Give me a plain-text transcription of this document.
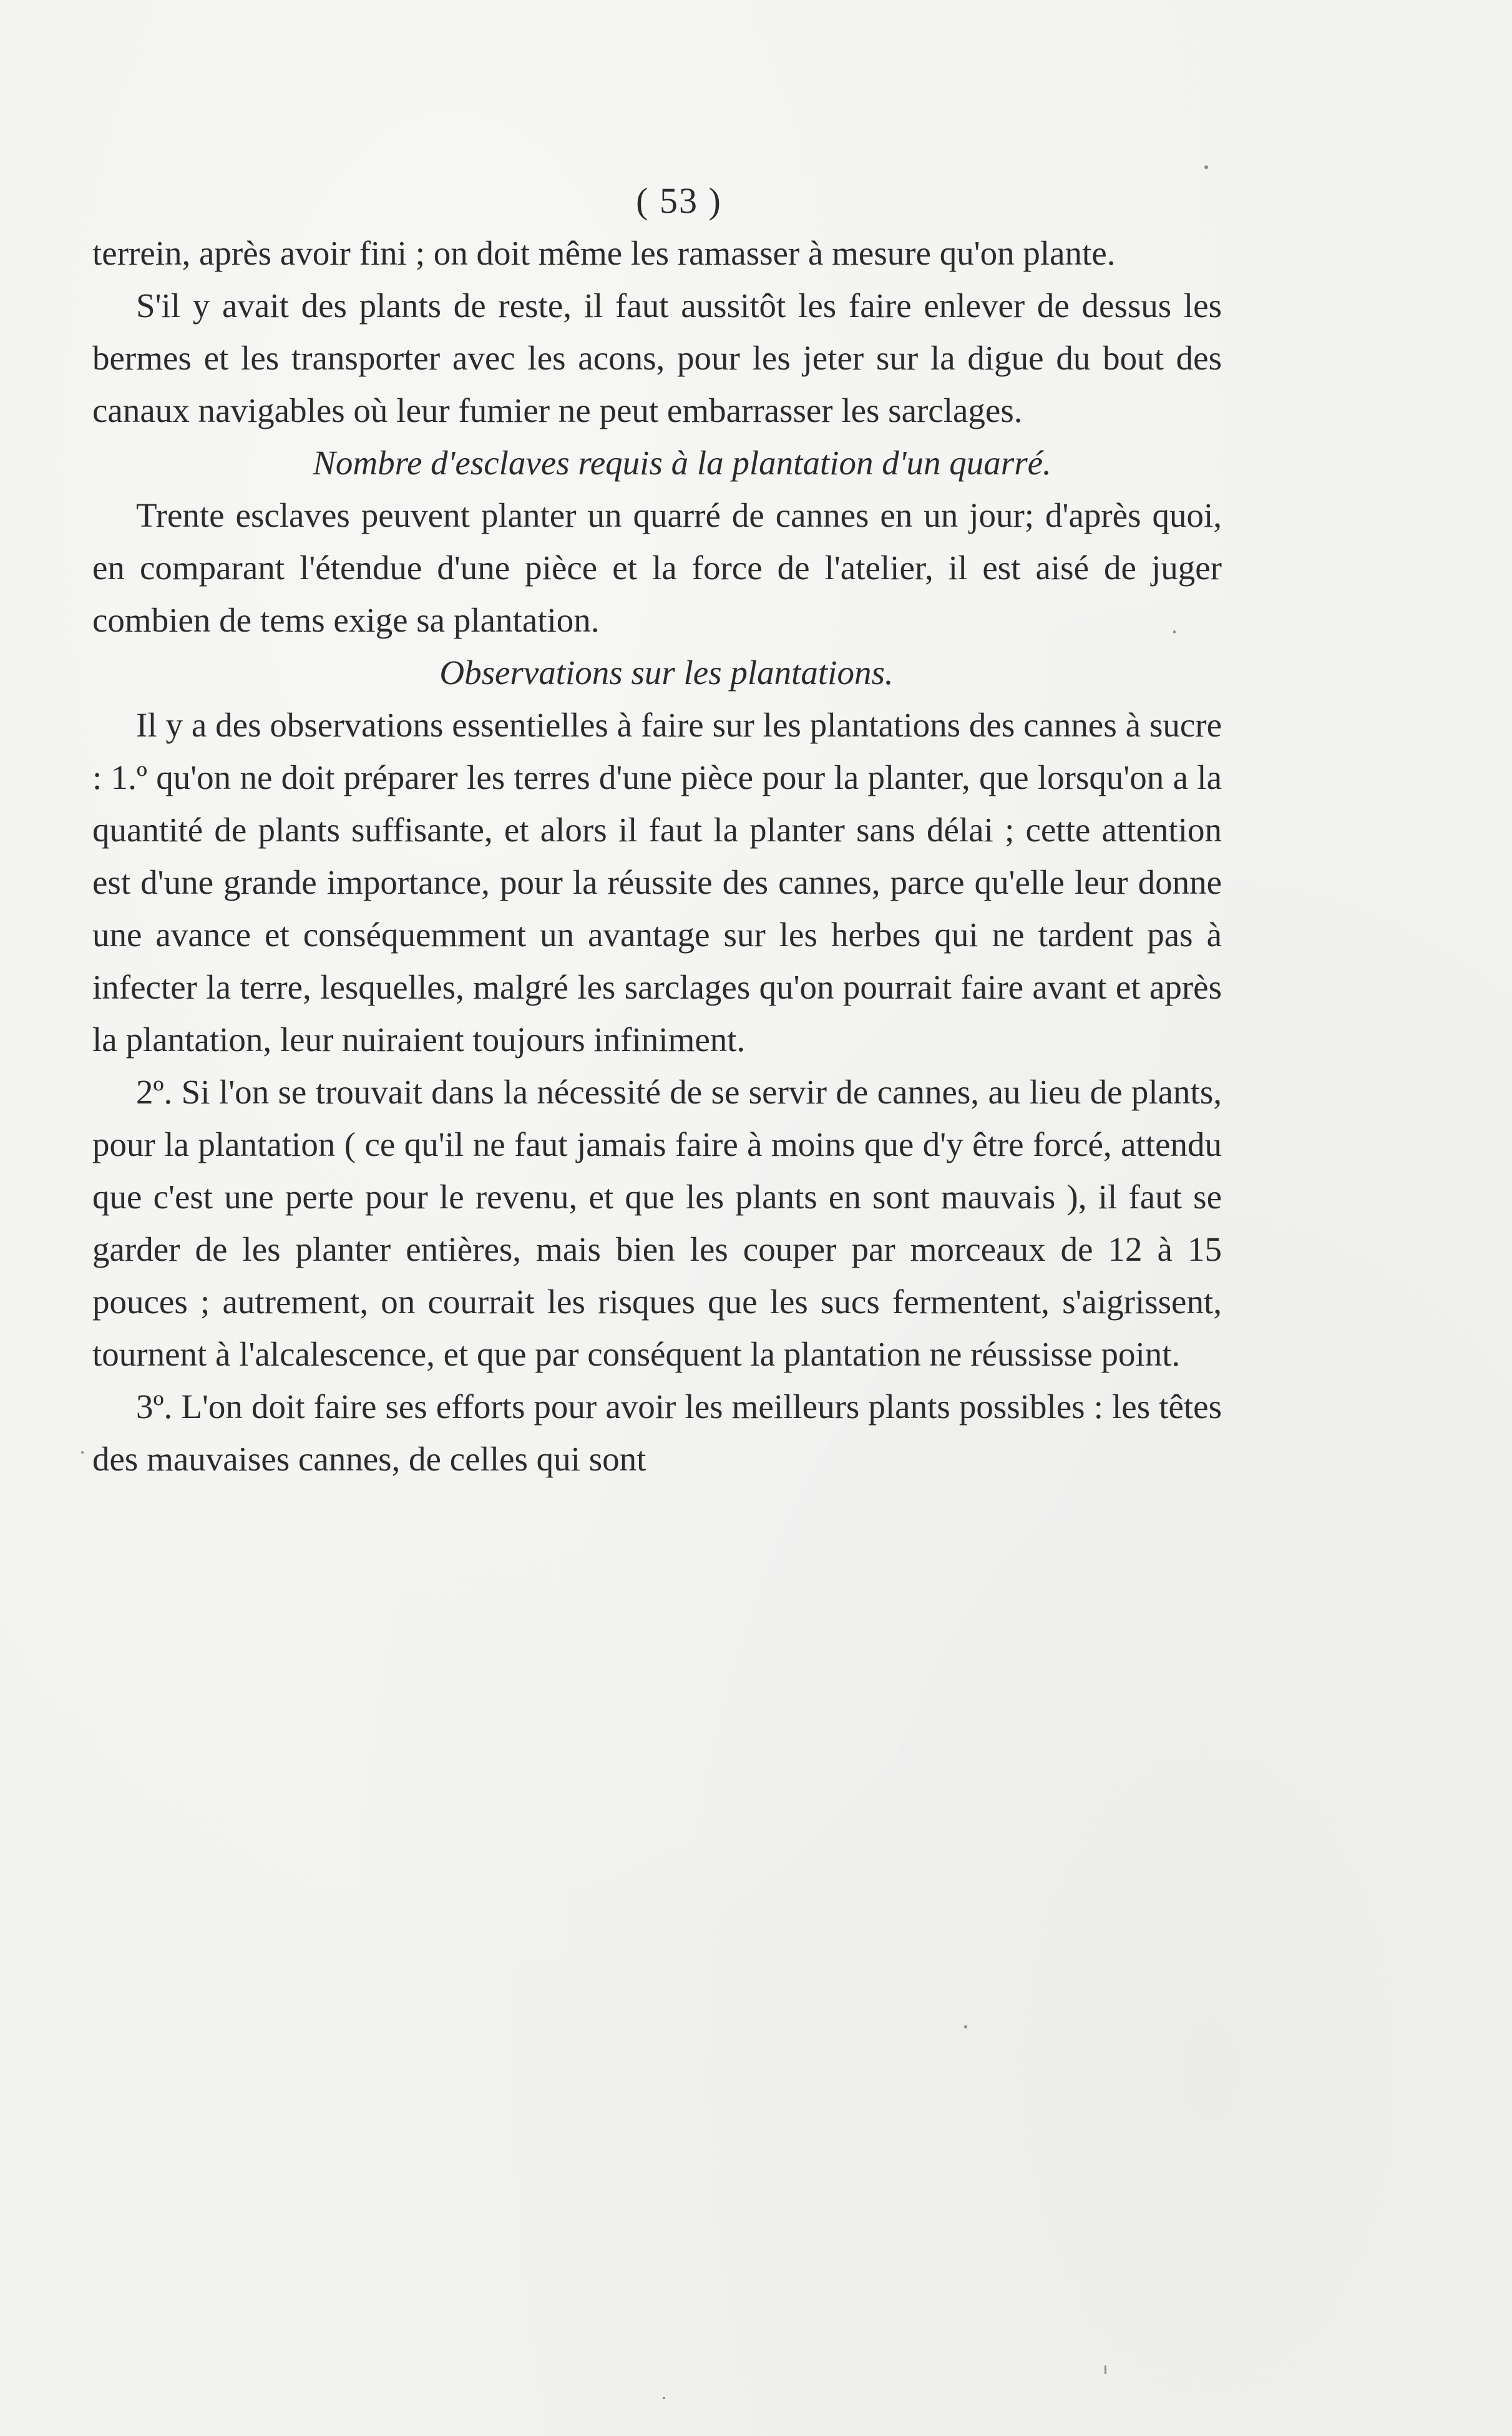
( 53 )

terrein, après avoir fini ; on doit même les ramasser à mesure qu'on plante.

S'il y avait des plants de reste, il faut aussitôt les faire enlever de dessus les bermes et les transporter avec les acons, pour les jeter sur la digue du bout des canaux navigables où leur fumier ne peut embarrasser les sarclages.

Nombre d'esclaves requis à la plantation d'un quarré.

Trente esclaves peuvent planter un quarré de cannes en un jour; d'après quoi, en comparant l'étendue d'une pièce et la force de l'atelier, il est aisé de juger combien de tems exige sa plantation.

Observations sur les plantations.

Il y a des observations essentielles à faire sur les plantations des cannes à sucre : 1.º qu'on ne doit préparer les terres d'une pièce pour la planter, que lorsqu'on a la quantité de plants suffisante, et alors il faut la planter sans délai ; cette attention est d'une grande importance, pour la réussite des cannes, parce qu'elle leur donne une avance et conséquemment un avantage sur les herbes qui ne tardent pas à infecter la terre, lesquelles, malgré les sarclages qu'on pourrait faire avant et après la plantation, leur nuiraient toujours infiniment.

2º. Si l'on se trouvait dans la nécessité de se servir de cannes, au lieu de plants, pour la plantation ( ce qu'il ne faut jamais faire à moins que d'y être forcé, attendu que c'est une perte pour le revenu, et que les plants en sont mauvais ), il faut se garder de les planter entières, mais bien les couper par morceaux de 12 à 15 pouces ; autrement, on courrait les risques que les sucs fermentent, s'aigrissent, tournent à l'alcalescence, et que par conséquent la plantation ne réussisse point.

3º. L'on doit faire ses efforts pour avoir les meilleurs plants possibles : les têtes des mauvaises cannes, de celles qui sont
